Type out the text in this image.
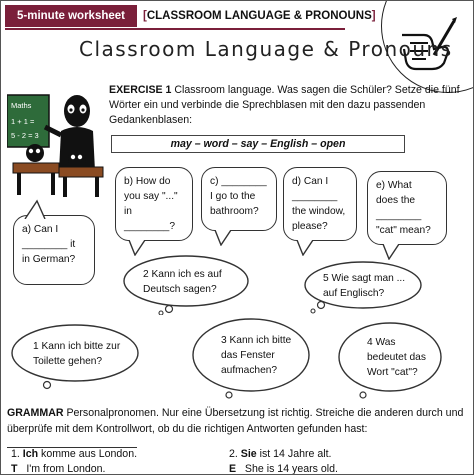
5-minute worksheet	[CLASSROOM LANGUAGE & PRONOUNS]
Classroom Language & Pronouns
Maths
1 + 1 =
5 - 2 = 3
EXERCISE 1 Classroom language. Was sagen die Schüler? Setze die fünf Wörter ein und verbinde die Sprechblasen mit den dazu passenden Gedankenblasen:
may – word – say – English – open
a) Can I
________ it
in German?
b) How do
you say "..."
in
________?
c) ________
I go to the
bathroom?
d) Can I
________
the window,
please?
e) What
does the
________
"cat" mean?
2 Kann ich es auf
Deutsch sagen?
5 Wie sagt man ...
auf Englisch?
1 Kann ich bitte zur
Toilette gehen?
3 Kann ich bitte
das Fenster
aufmachen?
4 Was
bedeutet das
Wort "cat"?
GRAMMAR Personalpronomen. Nur eine Übersetzung ist richtig. Streiche die anderen durch und überprüfe mit dem Kontrollwort, ob du die richtigen Antworten gefunden hast:
1. Ich komme aus London.
T I'm from London.
2. Sie ist 14 Jahre alt.
E She is 14 years old.
